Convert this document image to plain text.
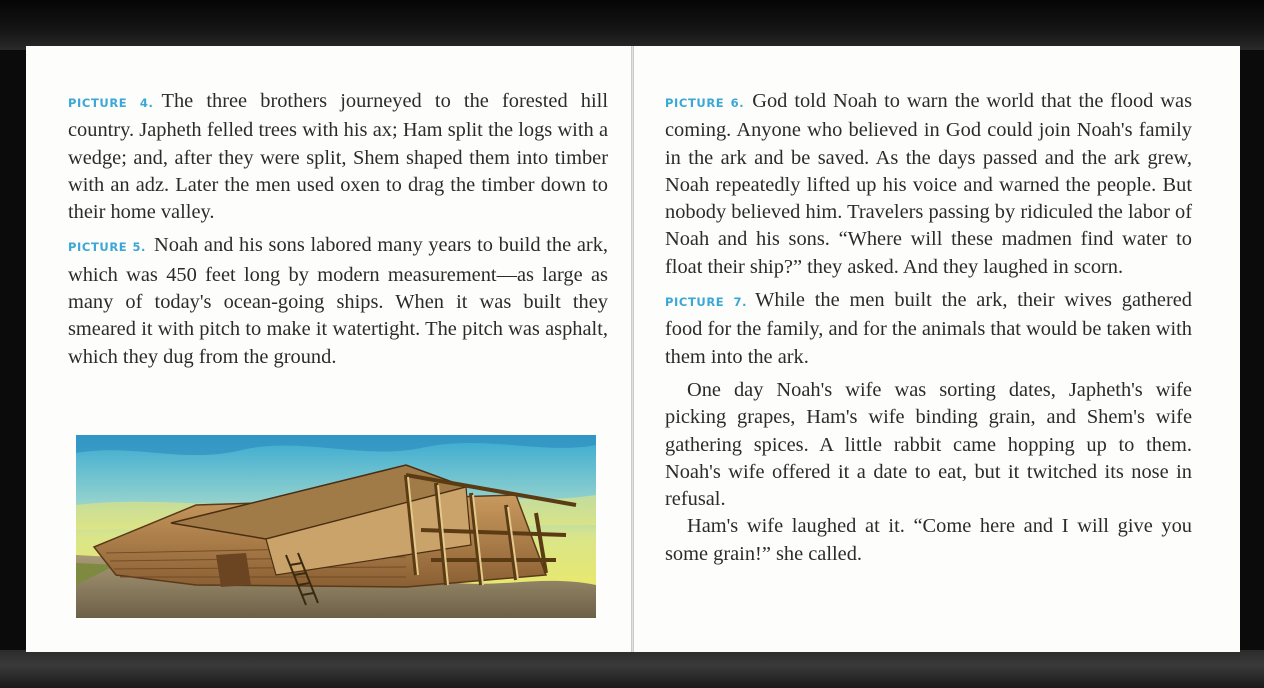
PICTURE 4. The three brothers journeyed to the forested hill country. Japheth felled trees with his ax; Ham split the logs with a wedge; and, after they were split, Shem shaped them into timber with an adz. Later the men used oxen to drag the timber down to their home valley.

PICTURE 5. Noah and his sons labored many years to build the ark, which was 450 feet long by modern measurement—as large as many of today's ocean-going ships. When it was built they smeared it with pitch to make it watertight. The pitch was asphalt, which they dug from the ground.

PICTURE 6. God told Noah to warn the world that the flood was coming. Anyone who believed in God could join Noah's family in the ark and be saved. As the days passed and the ark grew, Noah repeatedly lifted up his voice and warned the people. But nobody believed him. Travelers passing by ridiculed the labor of Noah and his sons. “Where will these madmen find water to float their ship?” they asked. And they laughed in scorn.

PICTURE 7. While the men built the ark, their wives gathered food for the family, and for the animals that would be taken with them into the ark.

One day Noah's wife was sorting dates, Japheth's wife picking grapes, Ham's wife binding grain, and Shem's wife gathering spices. A little rabbit came hopping up to them. Noah's wife offered it a date to eat, but it twitched its nose in refusal.

Ham's wife laughed at it. “Come here and I will give you some grain!” she called.
